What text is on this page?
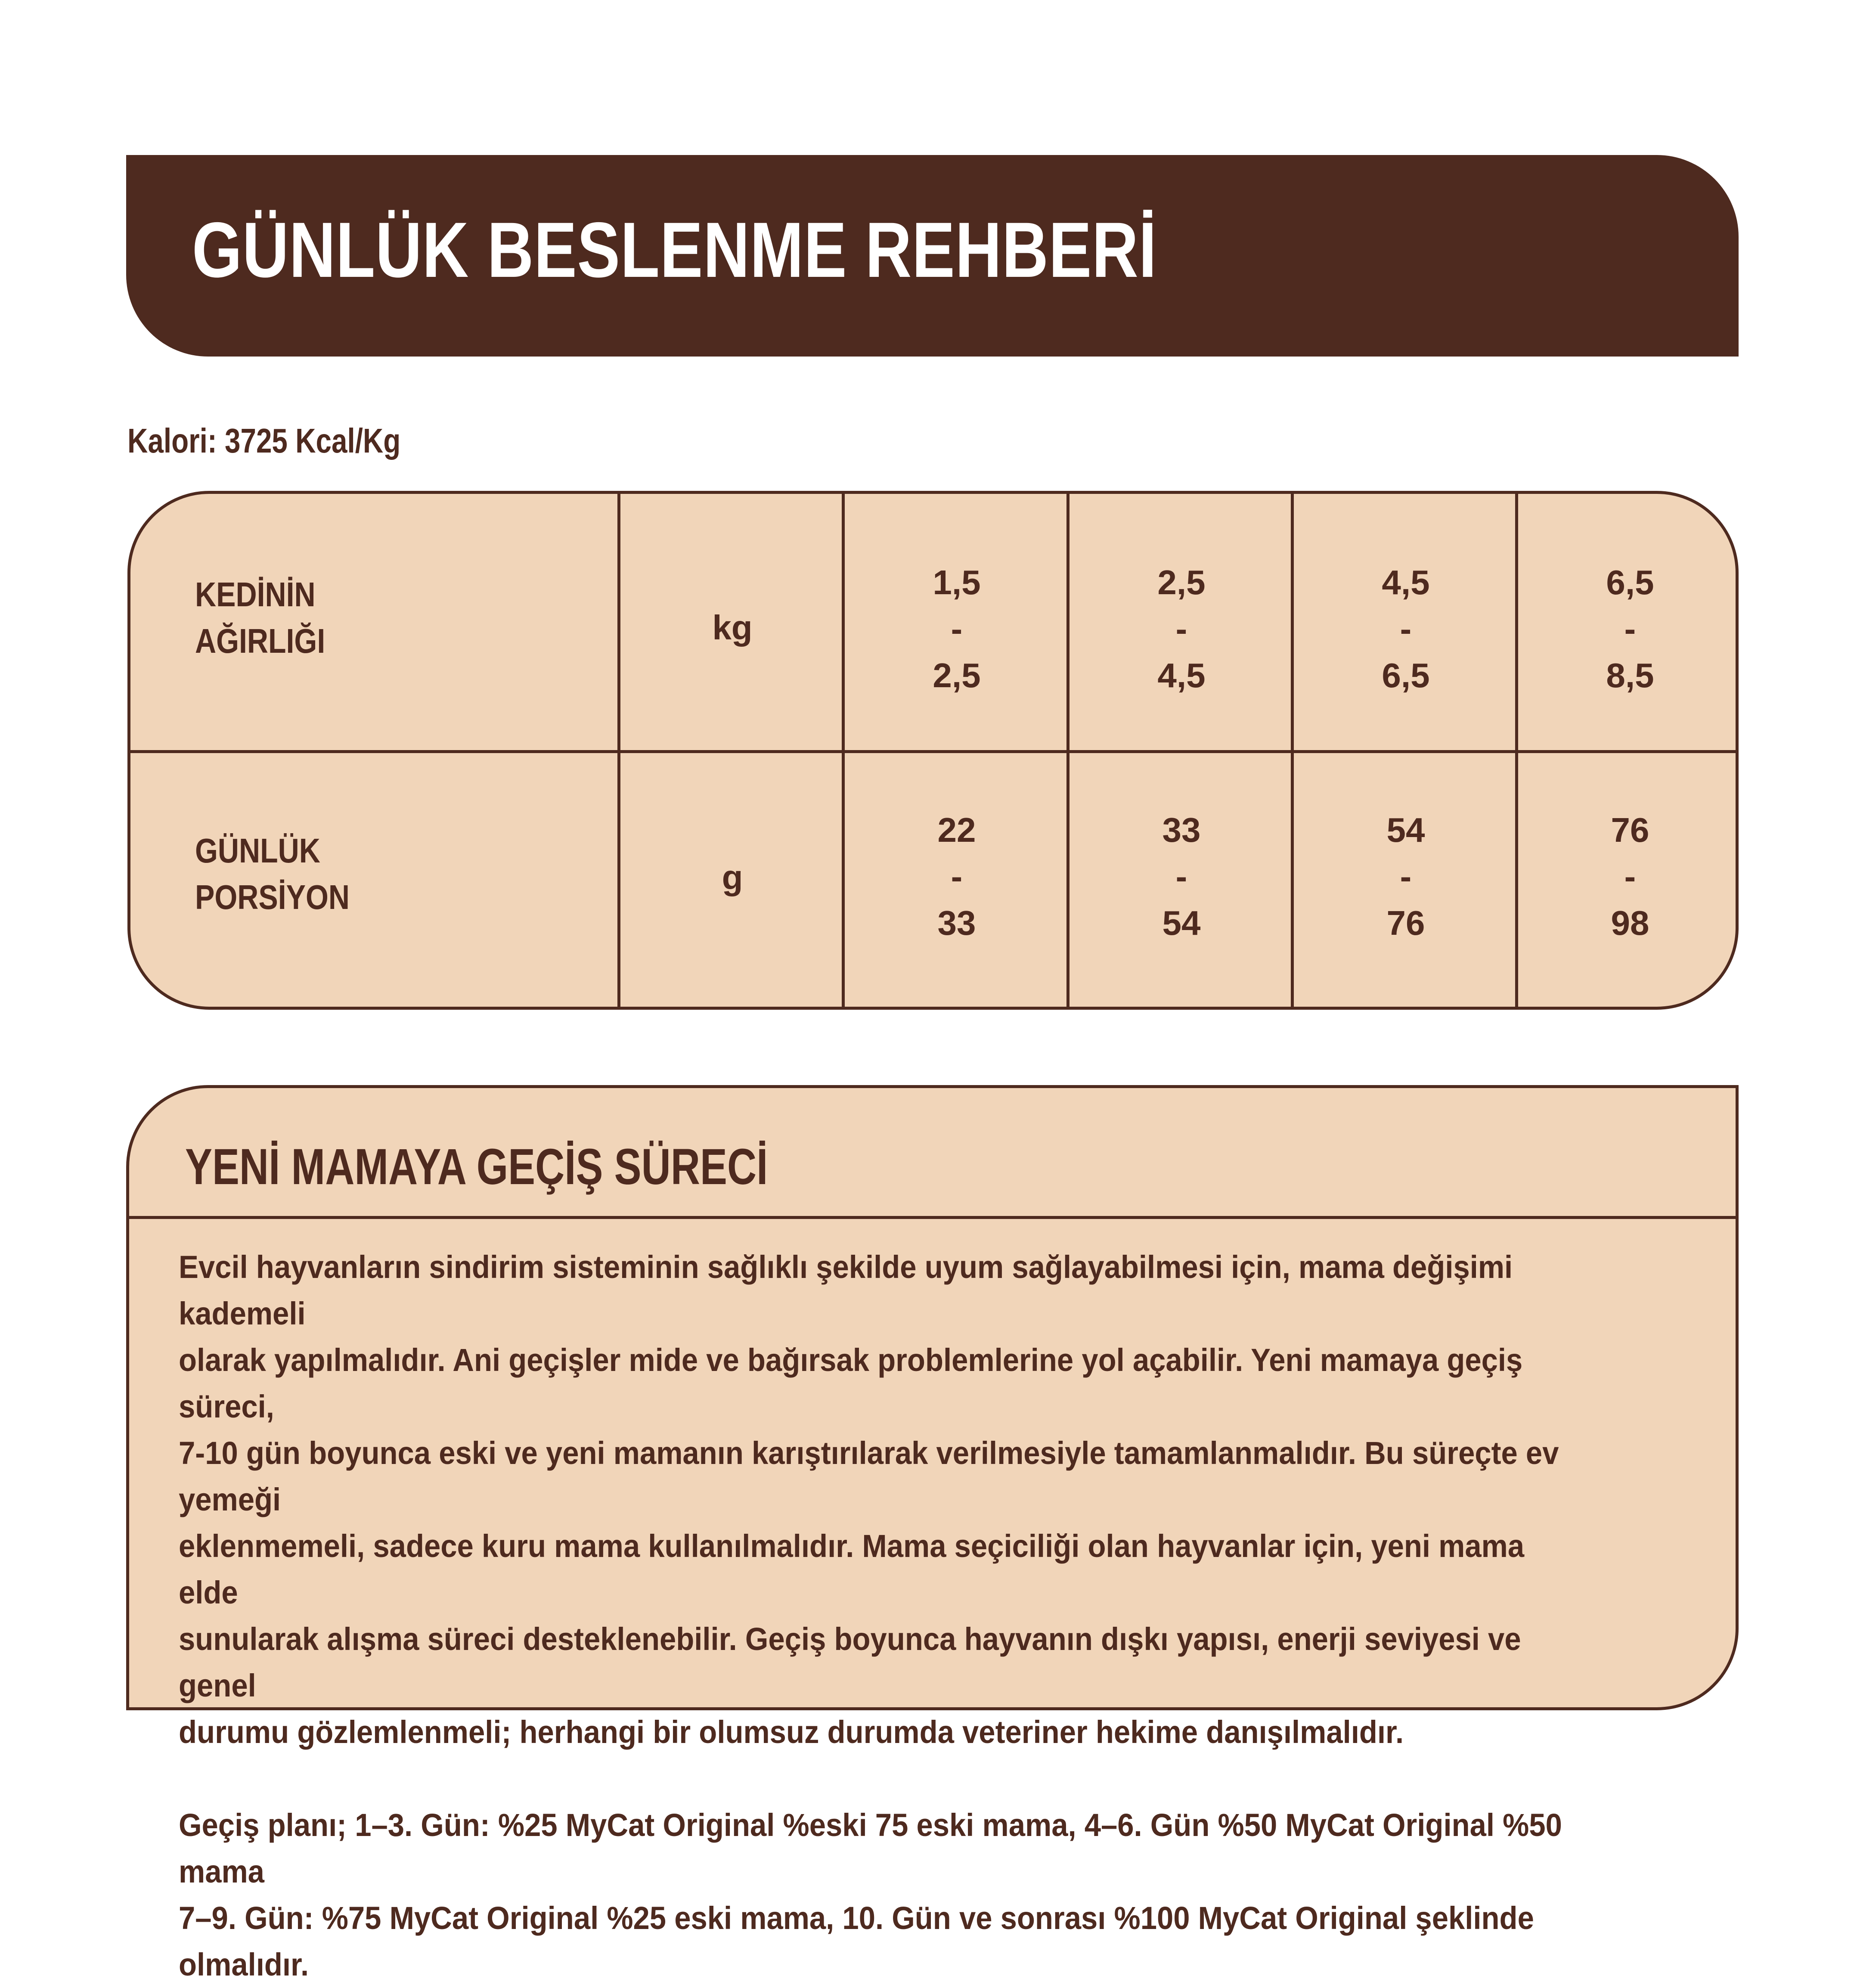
GÜNLÜK BESLENME REHBERİ
Kalori: 3725 Kcal/Kg
KEDİNİN
AĞIRLIĞI	kg
1,5
-
2,5
2,5
-
4,5
4,5
-
6,5
6,5
-
8,5
GÜNLÜK
PORSİYON
g
22
-
33
33
-
54
54
-
76
76
-
98
YENİ MAMAYA GEÇİŞ SÜRECİ

Evcil hayvanların sindirim sisteminin sağlıklı şekilde uyum sağlayabilmesi için, mama değişimi kademeli

olarak yapılmalıdır. Ani geçişler mide ve bağırsak problemlerine yol açabilir. Yeni mamaya geçiş süreci,

7-10 gün boyunca eski ve yeni mamanın karıştırılarak verilmesiyle tamamlanmalıdır. Bu süreçte ev yemeği

eklenmemeli, sadece kuru mama kullanılmalıdır. Mama seçiciliği olan hayvanlar için, yeni mama elde

sunularak alışma süreci desteklenebilir. Geçiş boyunca hayvanın dışkı yapısı, enerji seviyesi ve genel

durumu gözlemlenmeli; herhangi bir olumsuz durumda veteriner hekime danışılmalıdır.

Geçiş planı; 1–3. Gün: %25 MyCat Original %eski 75 eski mama, 4–6. Gün %50 MyCat Original %50 mama

7–9. Gün: %75 MyCat Original %25 eski mama, 10. Gün ve sonrası %100 MyCat Original şeklinde olmalıdır.
